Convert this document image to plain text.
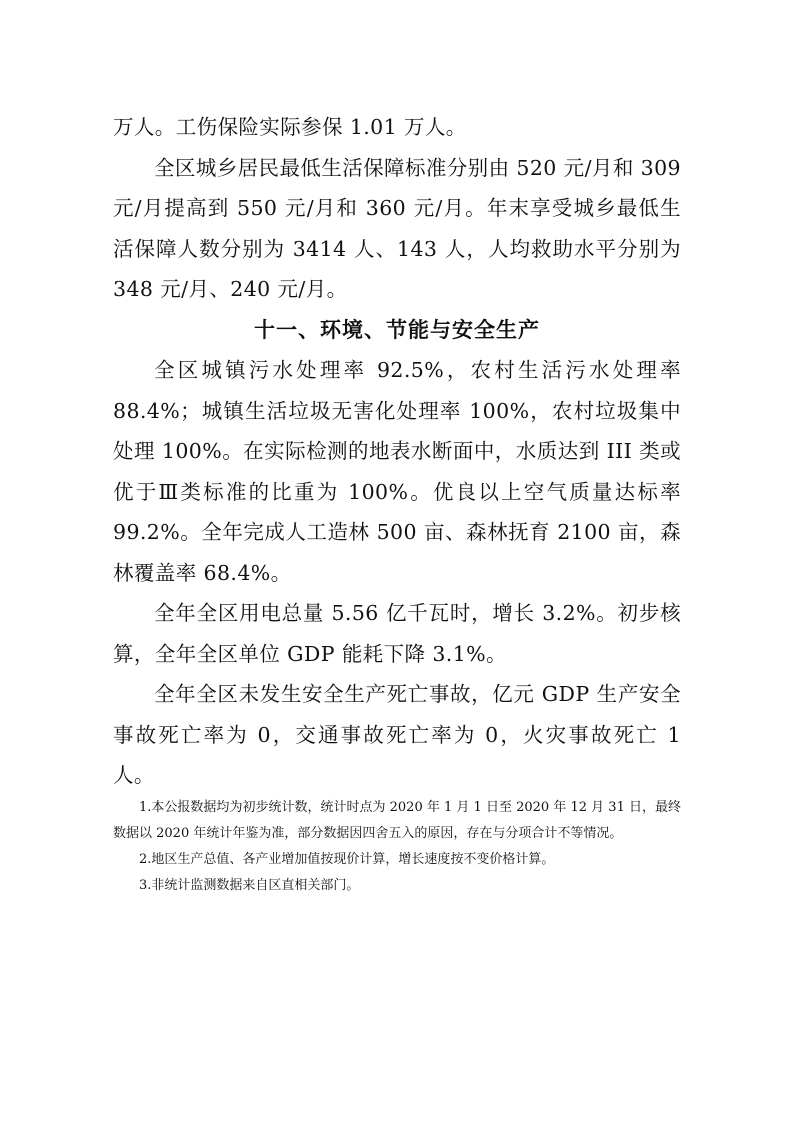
万人。工伤保险实际参保 1.01 万人。

全区城乡居民最低生活保障标准分别由 520 元/月和 309 元/月提高到 550 元/月和 360 元/月。年末享受城乡最低生活保障人数分别为 3414 人、143 人，人均救助水平分别为 348 元/月、240 元/月。

十一、环境、节能与安全生产

全区城镇污水处理率 92.5%，农村生活污水处理率 88.4%；城镇生活垃圾无害化处理率 100%，农村垃圾集中处理 100%。在实际检测的地表水断面中，水质达到 III 类或优于Ⅲ类标准的比重为 100%。优良以上空气质量达标率 99.2%。全年完成人工造林 500 亩、森林抚育 2100 亩，森林覆盖率 68.4%。

全年全区用电总量 5.56 亿千瓦时，增长 3.2%。初步核算，全年全区单位 GDP 能耗下降 3.1%。

全年全区未发生安全生产死亡事故，亿元 GDP 生产安全事故死亡率为 0，交通事故死亡率为 0，火灾事故死亡 1 人。

1.本公报数据均为初步统计数，统计时点为 2020 年 1 月 1 日至 2020 年 12 月 31 日，最终数据以 2020 年统计年鉴为准，部分数据因四舍五入的原因，存在与分项合计不等情况。

2.地区生产总值、各产业增加值按现价计算，增长速度按不变价格计算。

3.非统计监测数据来自区直相关部门。
